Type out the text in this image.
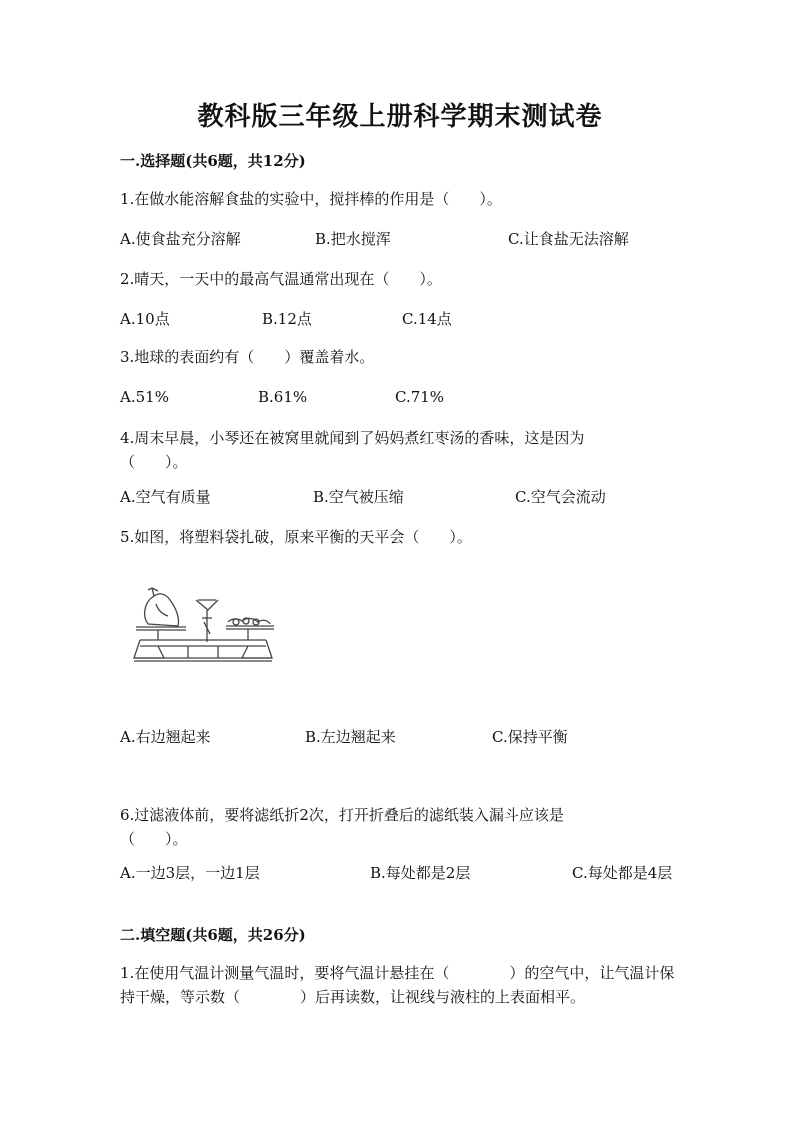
教科版三年级上册科学期末测试卷
一.选择题(共6题，共12分)
1.在做水能溶解食盐的实验中，搅拌棒的作用是（　　）。
A.使食盐充分溶解	B.把水搅浑	C.让食盐无法溶解
2.晴天，一天中的最高气温通常出现在（　　）。
A.10点	B.12点	C.14点
3.地球的表面约有（　　）覆盖着水。
A.51%	B.61%	C.71%
4.周末早晨，小琴还在被窝里就闻到了妈妈煮红枣汤的香味，这是因为（　　）。
A.空气有质量	B.空气被压缩	C.空气会流动
5.如图，将塑料袋扎破，原来平衡的天平会（　　）。
A.右边翘起来	B.左边翘起来	C.保持平衡
6.过滤液体前，要将滤纸折2次，打开折叠后的滤纸装入漏斗应该是（　　）。
A.一边3层，一边1层	B.每处都是2层	C.每处都是4层
二.填空题(共6题，共26分)
1.在使用气温计测量气温时，要将气温计悬挂在（　　　　）的空气中，让气温计保持干燥，等示数（　　　　）后再读数，让视线与液柱的上表面相平。
